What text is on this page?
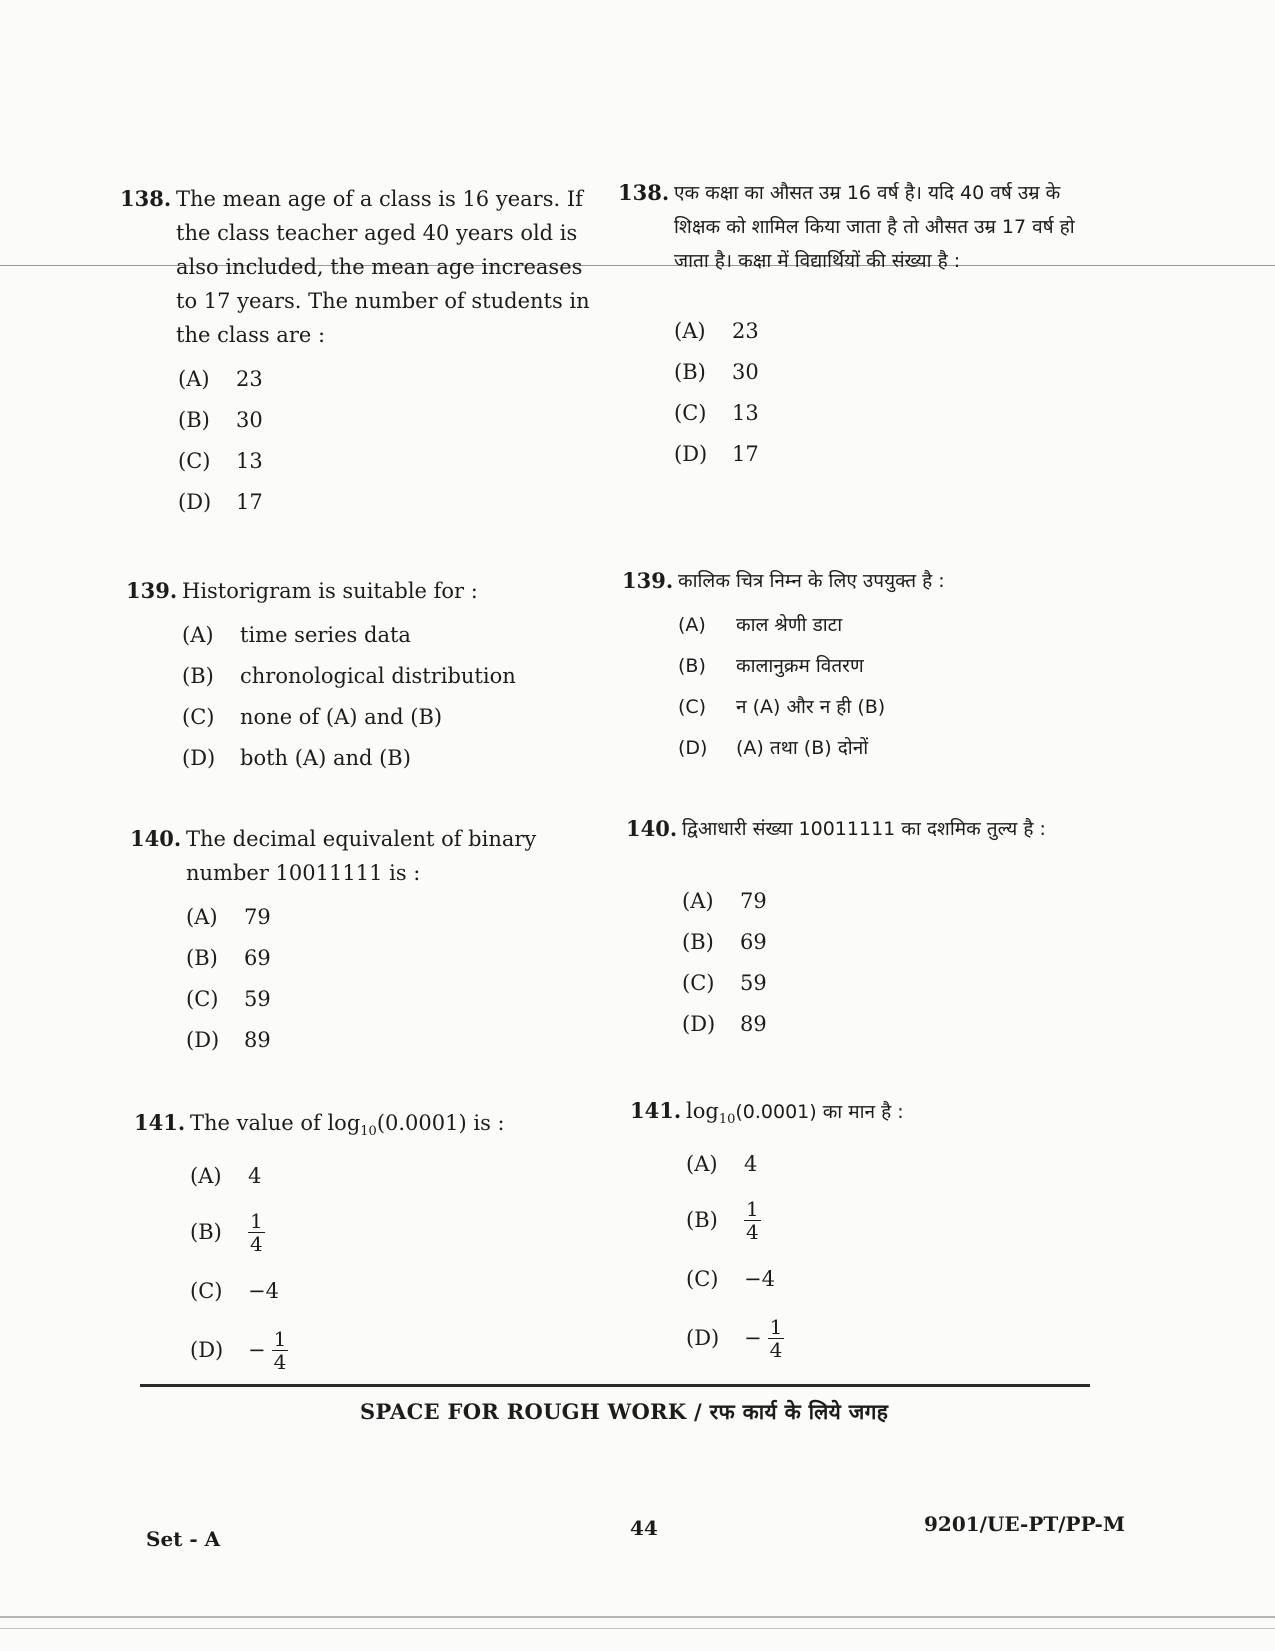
138. The mean age of a class is 16 years. If the class teacher aged 40 years old is also included, the mean age increases to 17 years. The number of students in the class are :
(A)	23
(B)	30
(C)	13
(D)	17
138. एक कक्षा का औसत उम्र 16 वर्ष है। यदि 40 वर्ष उम्र के शिक्षक को शामिल किया जाता है तो औसत उम्र 17 वर्ष हो जाता है। कक्षा में विद्यार्थियों की संख्या है :
(A)	23
(B)	30
(C)	13
(D)	17
139. Historigram is suitable for :
(A)	time series data
(B)	chronological distribution
(C)	none of (A) and (B)
(D)	both (A) and (B)
139. कालिक चित्र निम्न के लिए उपयुक्त है :
(A)	काल श्रेणी डाटा
(B)	कालानुक्रम वितरण
(C)	न (A) और न ही (B)
(D)	(A) तथा (B) दोनों
140. The decimal equivalent of binary number 10011111 is :
(A)	79
(B)	69
(C)	59
(D)	89
140. द्विआधारी संख्या 10011111 का दशमिक तुल्य है :
(A)	79
(B)	69
(C)	59
(D)	89
141. The value of $\log_{10}(0.0001)$ is :
(A)	4
(B)	$\frac{1}{4}$
(C)	−4
(D)	− $\frac{1}{4}$
141. $\log_{10}(0.0001)$ का मान है :
(A)	4
(B)	$\frac{1}{4}$
(C)	−4
(D)	− $\frac{1}{4}$
SPACE FOR ROUGH WORK / रफ कार्य के लिये जगह
Set - A	44	9201/UE-PT/PP-M
